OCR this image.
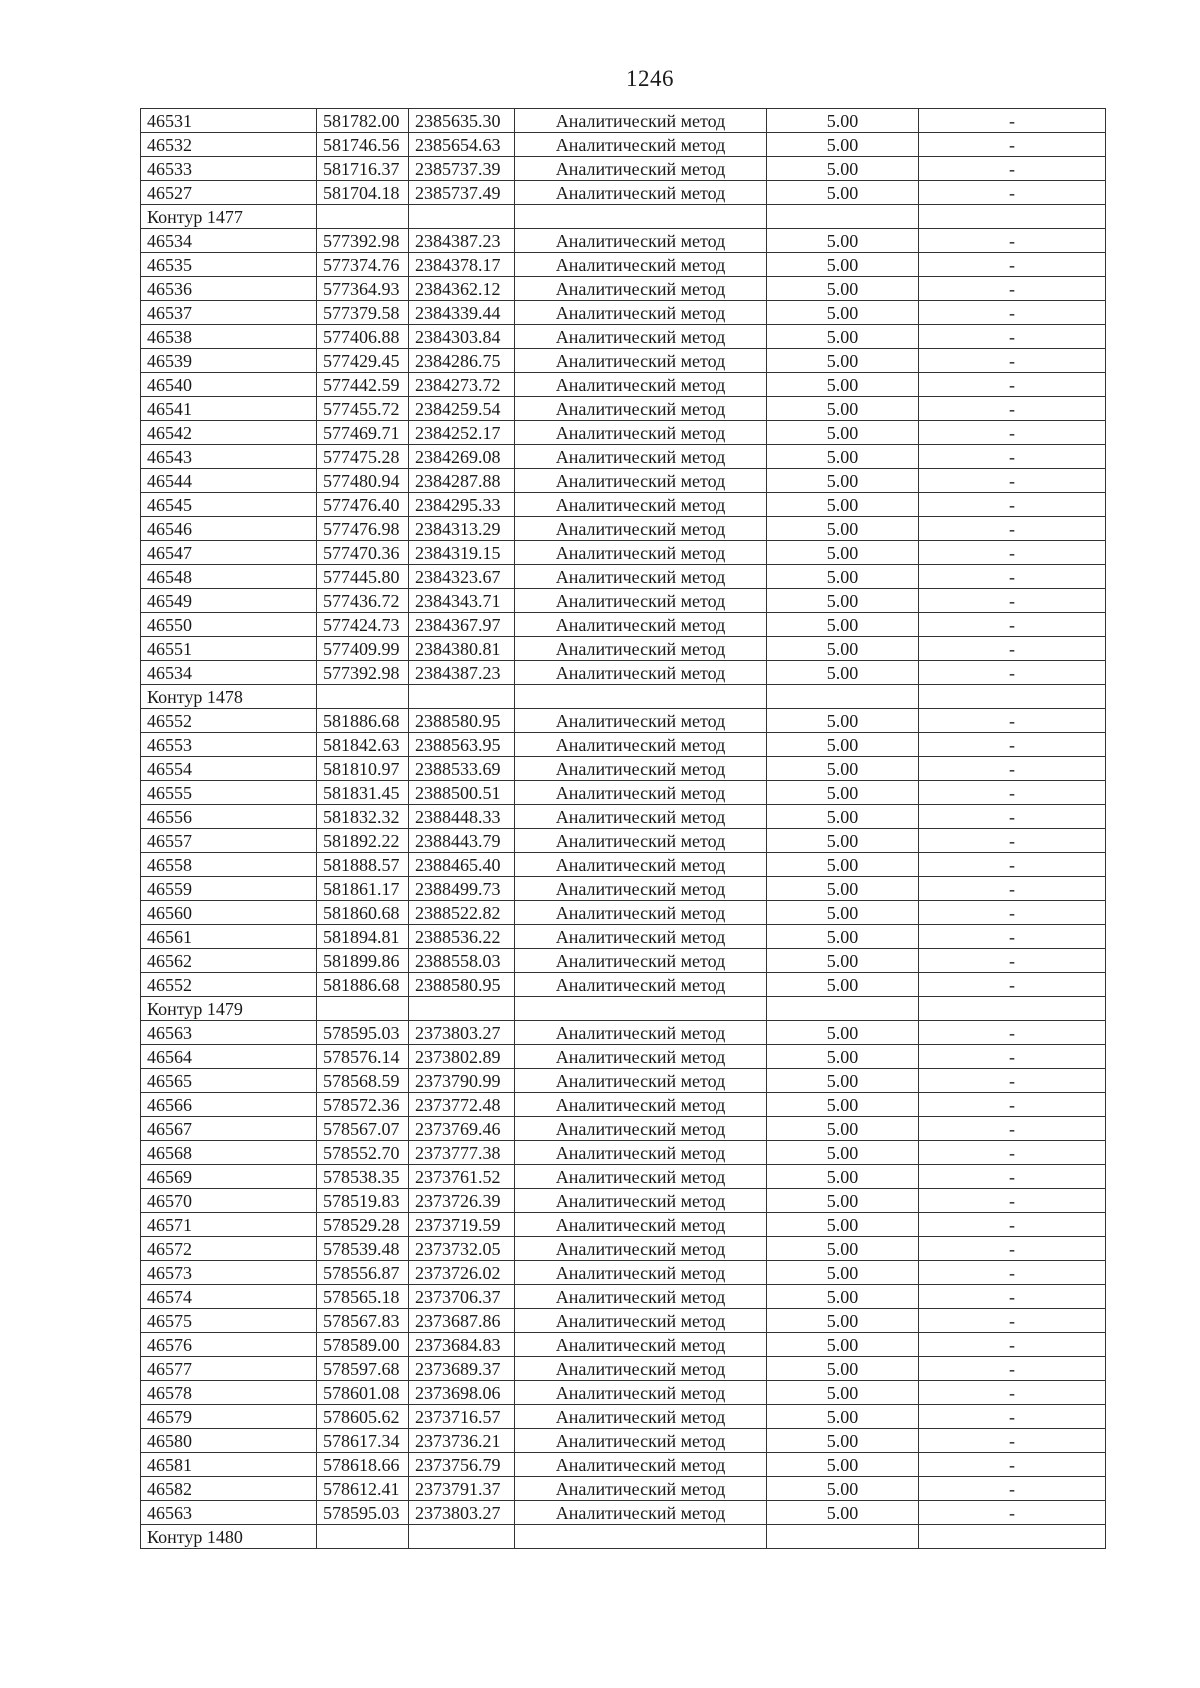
1246
46531	581782.00	2385635.30	Аналитический метод	5.00	-
46532	581746.56	2385654.63	Аналитический метод	5.00	-
46533	581716.37	2385737.39	Аналитический метод	5.00	-
46527	581704.18	2385737.49	Аналитический метод	5.00	-
Контур 1477					
46534	577392.98	2384387.23	Аналитический метод	5.00	-
46535	577374.76	2384378.17	Аналитический метод	5.00	-
46536	577364.93	2384362.12	Аналитический метод	5.00	-
46537	577379.58	2384339.44	Аналитический метод	5.00	-
46538	577406.88	2384303.84	Аналитический метод	5.00	-
46539	577429.45	2384286.75	Аналитический метод	5.00	-
46540	577442.59	2384273.72	Аналитический метод	5.00	-
46541	577455.72	2384259.54	Аналитический метод	5.00	-
46542	577469.71	2384252.17	Аналитический метод	5.00	-
46543	577475.28	2384269.08	Аналитический метод	5.00	-
46544	577480.94	2384287.88	Аналитический метод	5.00	-
46545	577476.40	2384295.33	Аналитический метод	5.00	-
46546	577476.98	2384313.29	Аналитический метод	5.00	-
46547	577470.36	2384319.15	Аналитический метод	5.00	-
46548	577445.80	2384323.67	Аналитический метод	5.00	-
46549	577436.72	2384343.71	Аналитический метод	5.00	-
46550	577424.73	2384367.97	Аналитический метод	5.00	-
46551	577409.99	2384380.81	Аналитический метод	5.00	-
46534	577392.98	2384387.23	Аналитический метод	5.00	-
Контур 1478					
46552	581886.68	2388580.95	Аналитический метод	5.00	-
46553	581842.63	2388563.95	Аналитический метод	5.00	-
46554	581810.97	2388533.69	Аналитический метод	5.00	-
46555	581831.45	2388500.51	Аналитический метод	5.00	-
46556	581832.32	2388448.33	Аналитический метод	5.00	-
46557	581892.22	2388443.79	Аналитический метод	5.00	-
46558	581888.57	2388465.40	Аналитический метод	5.00	-
46559	581861.17	2388499.73	Аналитический метод	5.00	-
46560	581860.68	2388522.82	Аналитический метод	5.00	-
46561	581894.81	2388536.22	Аналитический метод	5.00	-
46562	581899.86	2388558.03	Аналитический метод	5.00	-
46552	581886.68	2388580.95	Аналитический метод	5.00	-
Контур 1479					
46563	578595.03	2373803.27	Аналитический метод	5.00	-
46564	578576.14	2373802.89	Аналитический метод	5.00	-
46565	578568.59	2373790.99	Аналитический метод	5.00	-
46566	578572.36	2373772.48	Аналитический метод	5.00	-
46567	578567.07	2373769.46	Аналитический метод	5.00	-
46568	578552.70	2373777.38	Аналитический метод	5.00	-
46569	578538.35	2373761.52	Аналитический метод	5.00	-
46570	578519.83	2373726.39	Аналитический метод	5.00	-
46571	578529.28	2373719.59	Аналитический метод	5.00	-
46572	578539.48	2373732.05	Аналитический метод	5.00	-
46573	578556.87	2373726.02	Аналитический метод	5.00	-
46574	578565.18	2373706.37	Аналитический метод	5.00	-
46575	578567.83	2373687.86	Аналитический метод	5.00	-
46576	578589.00	2373684.83	Аналитический метод	5.00	-
46577	578597.68	2373689.37	Аналитический метод	5.00	-
46578	578601.08	2373698.06	Аналитический метод	5.00	-
46579	578605.62	2373716.57	Аналитический метод	5.00	-
46580	578617.34	2373736.21	Аналитический метод	5.00	-
46581	578618.66	2373756.79	Аналитический метод	5.00	-
46582	578612.41	2373791.37	Аналитический метод	5.00	-
46563	578595.03	2373803.27	Аналитический метод	5.00	-
Контур 1480					
